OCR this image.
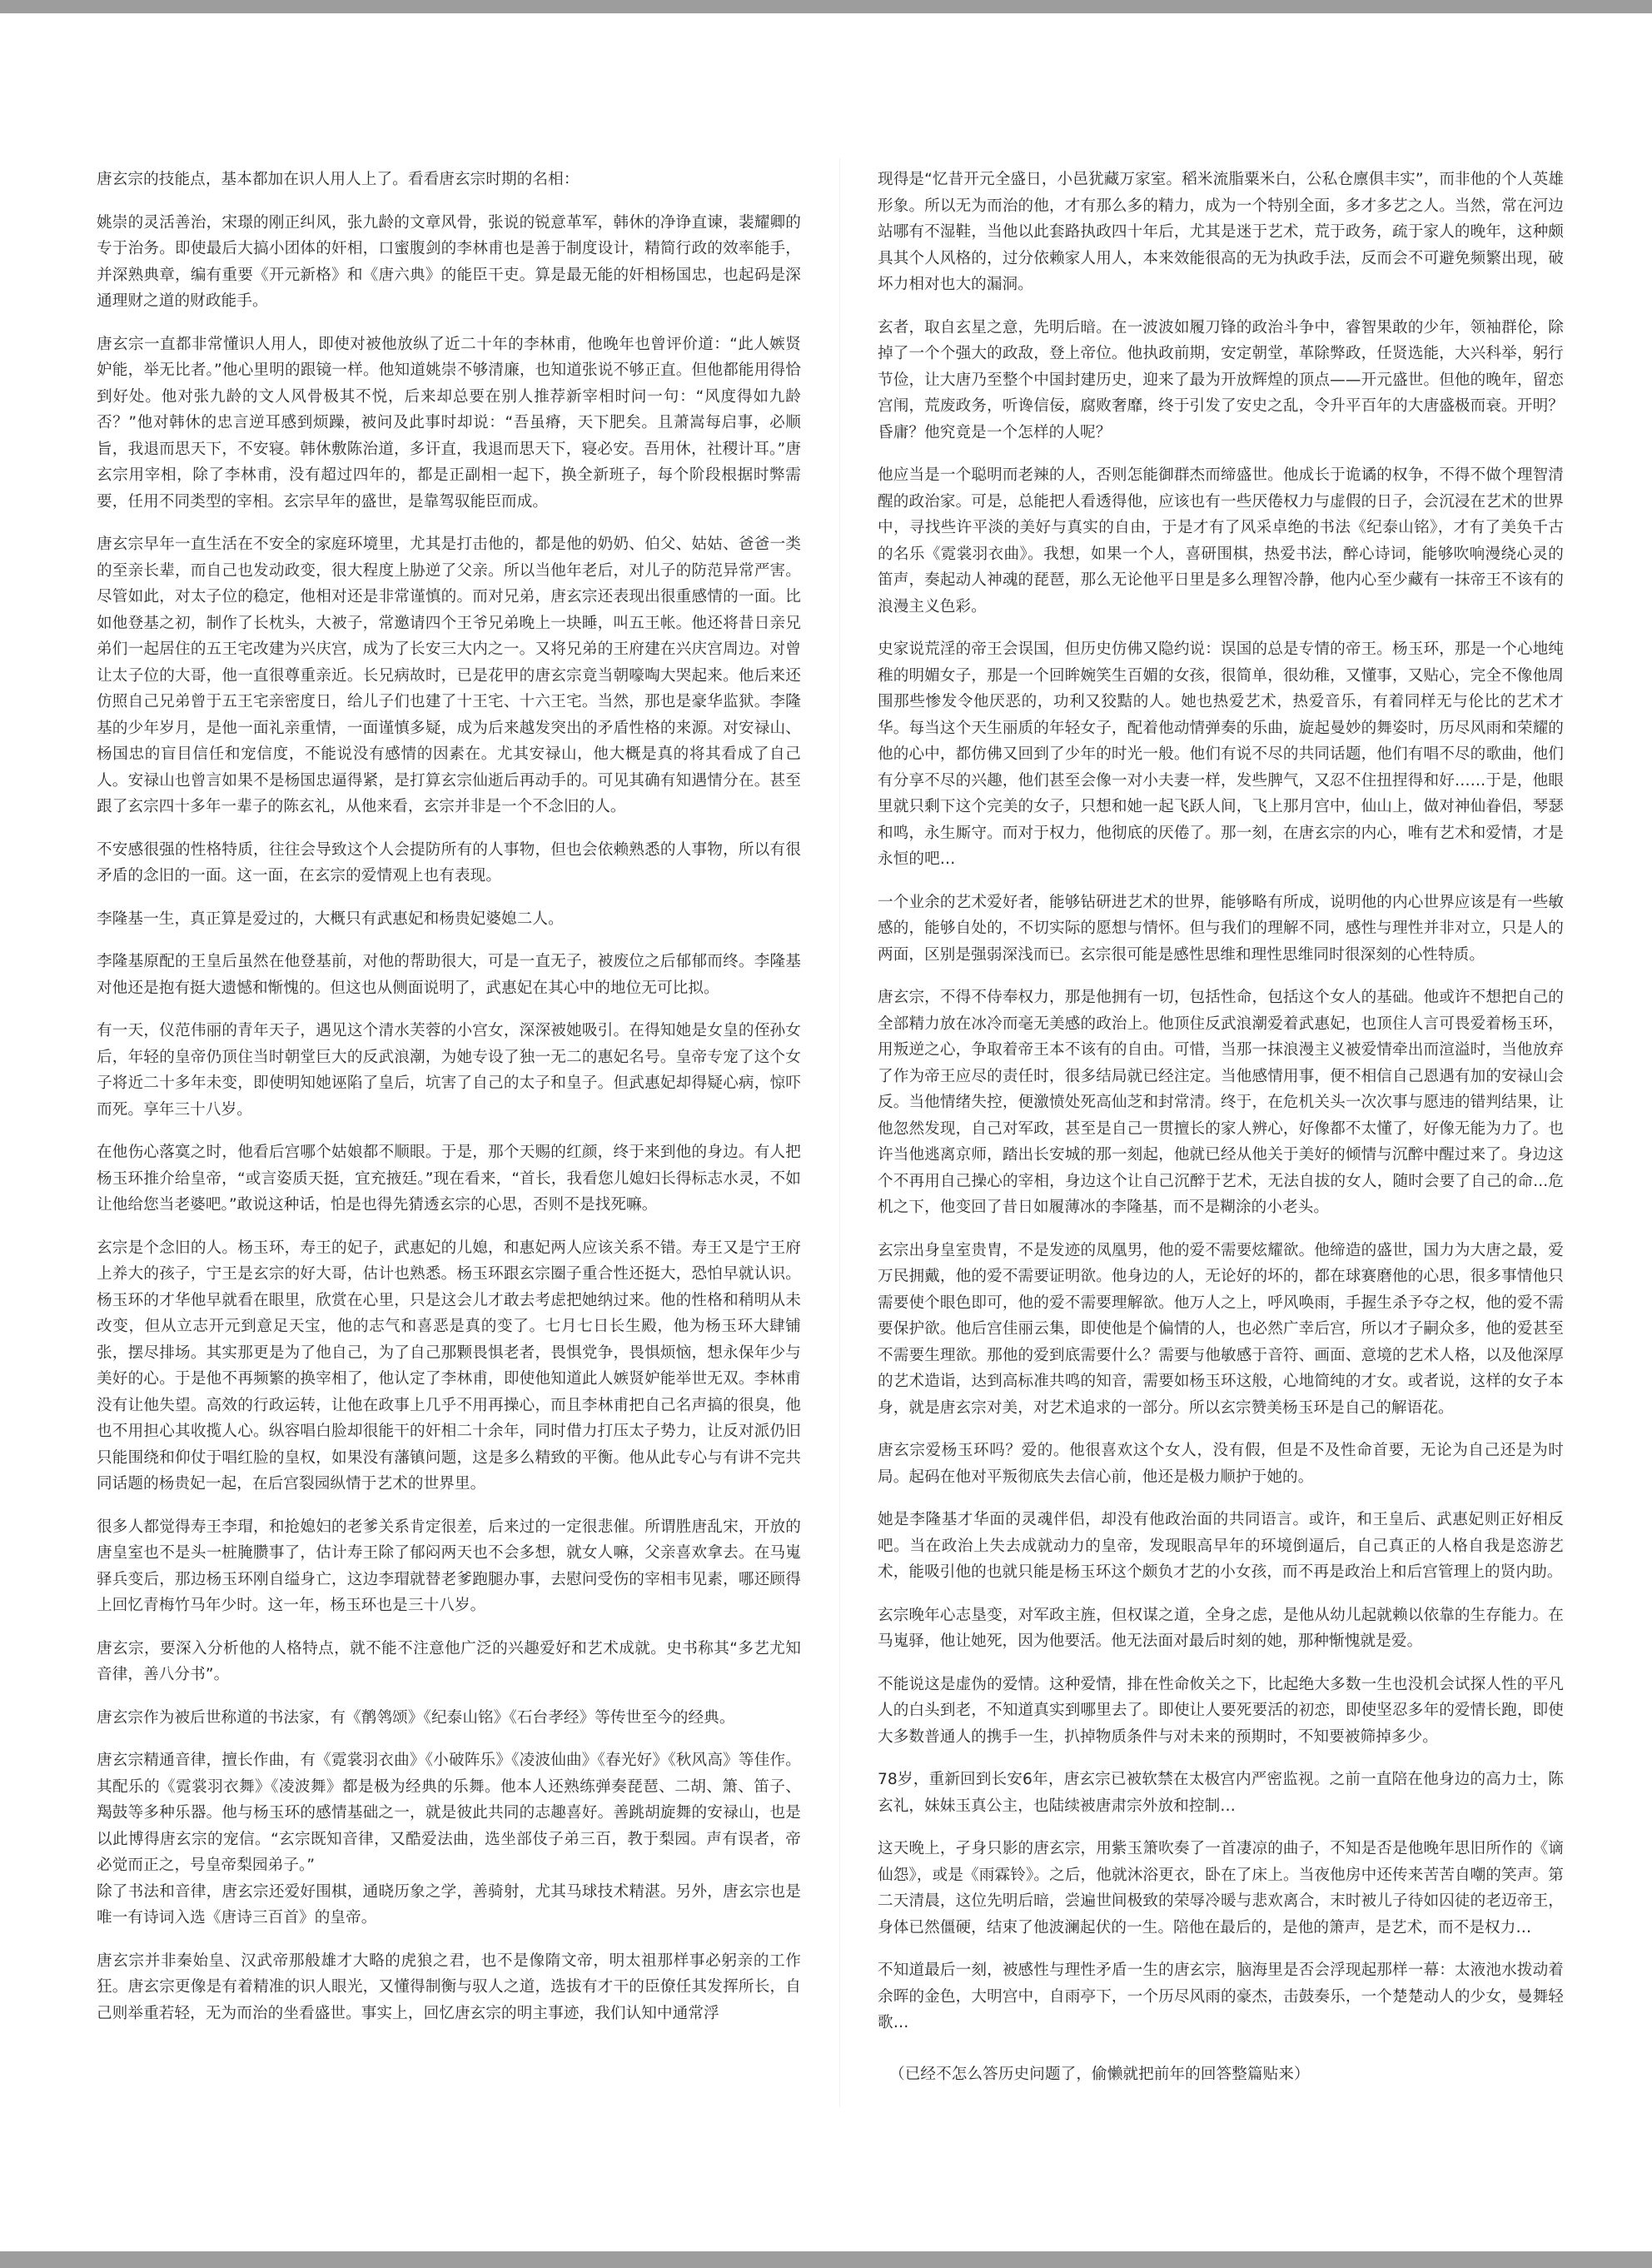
唐玄宗的技能点，基本都加在识人用人上了。看看唐玄宗时期的名相：

姚崇的灵活善治，宋璟的刚正纠风，张九龄的文章风骨，张说的锐意革军，韩休的净诤直谏，裴耀卿的专于治务。即使最后大搞小团体的奸相，口蜜腹剑的李林甫也是善于制度设计，精简行政的效率能手，并深熟典章，编有重要《开元新格》和《唐六典》的能臣干吏。算是最无能的奸相杨国忠，也起码是深通理财之道的财政能手。

唐玄宗一直都非常懂识人用人，即使对被他放纵了近二十年的李林甫，他晚年也曾评价道：“此人嫉贤妒能，举无比者。”他心里明的跟镜一样。他知道姚崇不够清廉，也知道张说不够正直。但他都能用得恰到好处。他对张九龄的文人风骨极其不悦，后来却总要在别人推荐新宰相时问一句：“风度得如九龄否？”他对韩休的忠言逆耳感到烦躁，被问及此事时却说：“吾虽瘠，天下肥矣。且萧嵩每启事，必顺旨，我退而思天下，不安寝。韩休敷陈治道，多讦直，我退而思天下，寝必安。吾用休，社稷计耳。”唐玄宗用宰相，除了李林甫，没有超过四年的，都是正副相一起下，换全新班子，每个阶段根据时弊需要，任用不同类型的宰相。玄宗早年的盛世，是靠驾驭能臣而成。

唐玄宗早年一直生活在不安全的家庭环境里，尤其是打击他的，都是他的奶奶、伯父、姑姑、爸爸一类的至亲长辈，而自己也发动政变，很大程度上胁逆了父亲。所以当他年老后，对儿子的防范异常严害。尽管如此，对太子位的稳定，他相对还是非常谨慎的。而对兄弟，唐玄宗还表现出很重感情的一面。比如他登基之初，制作了长枕头，大被子，常邀请四个王爷兄弟晚上一块睡，叫五王帐。他还将昔日亲兄弟们一起居住的五王宅改建为兴庆宫，成为了长安三大内之一。又将兄弟的王府建在兴庆宫周边。对曾让太子位的大哥，他一直很尊重亲近。长兄病故时，已是花甲的唐玄宗竟当朝嚎啕大哭起来。他后来还仿照自己兄弟曾于五王宅亲密度日，给儿子们也建了十王宅、十六王宅。当然，那也是豪华监狱。李隆基的少年岁月，是他一面礼亲重情，一面谨慎多疑，成为后来越发突出的矛盾性格的来源。对安禄山、杨国忠的盲目信任和宠信度，不能说没有感情的因素在。尤其安禄山，他大概是真的将其看成了自己人。安禄山也曾言如果不是杨国忠逼得紧，是打算玄宗仙逝后再动手的。可见其确有知遇情分在。甚至跟了玄宗四十多年一辈子的陈玄礼，从他来看，玄宗并非是一个不念旧的人。

不安感很强的性格特质，往往会导致这个人会提防所有的人事物，但也会依赖熟悉的人事物，所以有很矛盾的念旧的一面。这一面，在玄宗的爱情观上也有表现。

李隆基一生，真正算是爱过的，大概只有武惠妃和杨贵妃婆媳二人。

李隆基原配的王皇后虽然在他登基前，对他的帮助很大，可是一直无子，被废位之后郁郁而终。李隆基对他还是抱有挺大遗憾和惭愧的。但这也从侧面说明了，武惠妃在其心中的地位无可比拟。

有一天，仪范伟丽的青年天子，遇见这个清水芙蓉的小宫女，深深被她吸引。在得知她是女皇的侄孙女后，年轻的皇帝仍顶住当时朝堂巨大的反武浪潮，为她专设了独一无二的惠妃名号。皇帝专宠了这个女子将近二十多年未变，即使明知她诬陷了皇后，坑害了自己的太子和皇子。但武惠妃却得疑心病，惊吓而死。享年三十八岁。

在他伤心落寞之时，他看后宫哪个姑娘都不顺眼。于是，那个天赐的红颜，终于来到他的身边。有人把杨玉环推介给皇帝，“或言姿质天挺，宜充掖廷。”现在看来，“首长，我看您儿媳妇长得标志水灵，不如让他给您当老婆吧。”敢说这种话，怕是也得先猜透玄宗的心思，否则不是找死嘛。

玄宗是个念旧的人。杨玉环，寿王的妃子，武惠妃的儿媳，和惠妃两人应该关系不错。寿王又是宁王府上养大的孩子，宁王是玄宗的好大哥，估计也熟悉。杨玉环跟玄宗圈子重合性还挺大，恐怕早就认识。杨玉环的才华他早就看在眼里，欣赏在心里，只是这会儿才敢去考虑把她纳过来。他的性格和稍明从未改变，但从立志开元到意足天宝，他的志气和喜恶是真的变了。七月七日长生殿，他为杨玉环大肆铺张，摆尽排场。其实那更是为了他自己，为了自己那颗畏惧老者，畏惧党争，畏惧烦恼，想永保年少与美好的心。于是他不再频繁的换宰相了，他认定了李林甫，即使他知道此人嫉贤妒能举世无双。李林甫没有让他失望。高效的行政运转，让他在政事上几乎不用再操心，而且李林甫把自己名声搞的很臭，他也不用担心其收揽人心。纵容唱白脸却很能干的奸相二十余年，同时借力打压太子势力，让反对派仍旧只能围绕和仰仗于唱红脸的皇权，如果没有藩镇问题，这是多么精致的平衡。他从此专心与有讲不完共同话题的杨贵妃一起，在后宫裂园纵情于艺术的世界里。

很多人都觉得寿王李瑁，和抢媳妇的老爹关系肯定很差，后来过的一定很悲催。所谓胜唐乱宋，开放的唐皇室也不是头一桩腌臜事了，估计寿王除了郁闷两天也不会多想，就女人嘛，父亲喜欢拿去。在马嵬驿兵变后，那边杨玉环刚自缢身亡，这边李瑁就替老爹跑腿办事，去慰问受伤的宰相韦见素，哪还顾得上回忆青梅竹马年少时。这一年，杨玉环也是三十八岁。

唐玄宗，要深入分析他的人格特点，就不能不注意他广泛的兴趣爱好和艺术成就。史书称其“多艺尤知音律，善八分书”。

唐玄宗作为被后世称道的书法家，有《鹡鸰颂》《纪泰山铭》《石台孝经》等传世至今的经典。

唐玄宗精通音律，擅长作曲，有《霓裳羽衣曲》《小破阵乐》《凌波仙曲》《春光好》《秋风高》等佳作。其配乐的《霓裳羽衣舞》《凌波舞》都是极为经典的乐舞。他本人还熟练弹奏琵琶、二胡、箫、笛子、羯鼓等多种乐器。他与杨玉环的感情基础之一，就是彼此共同的志趣喜好。善跳胡旋舞的安禄山，也是以此博得唐玄宗的宠信。“玄宗既知音律，又酷爱法曲，选坐部伎子弟三百，教于梨园。声有误者，帝必觉而正之，号皇帝梨园弟子。”
除了书法和音律，唐玄宗还爱好围棋，通晓历象之学，善骑射，尤其马球技术精湛。另外，唐玄宗也是唯一有诗词入选《唐诗三百首》的皇帝。

唐玄宗并非秦始皇、汉武帝那般雄才大略的虎狼之君，也不是像隋文帝，明太祖那样事必躬亲的工作狂。唐玄宗更像是有着精准的识人眼光，又懂得制衡与驭人之道，选拔有才干的臣僚任其发挥所长，自己则举重若轻，无为而治的坐看盛世。事实上，回忆唐玄宗的明主事迹，我们认知中通常浮

现得是“忆昔开元全盛日，小邑犹藏万家室。稻米流脂粟米白，公私仓廪俱丰实”，而非他的个人英雄形象。所以无为而治的他，才有那么多的精力，成为一个特别全面，多才多艺之人。当然，常在河边站哪有不湿鞋，当他以此套路执政四十年后，尤其是迷于艺术，荒于政务，疏于家人的晚年，这种颇具其个人风格的，过分依赖家人用人，本来效能很高的无为执政手法，反而会不可避免频繁出现，破坏力相对也大的漏洞。

玄者，取自玄星之意，先明后暗。在一波波如履刀锋的政治斗争中，睿智果敢的少年，领袖群伦，除掉了一个个强大的政敌，登上帝位。他执政前期，安定朝堂，革除弊政，任贤选能，大兴科举，躬行节俭，让大唐乃至整个中国封建历史，迎来了最为开放辉煌的顶点——开元盛世。但他的晚年，留恋宫闱，荒废政务，听谗信佞，腐败奢靡，终于引发了安史之乱，令升平百年的大唐盛极而衰。开明？昏庸？他究竟是一个怎样的人呢？

他应当是一个聪明而老辣的人，否则怎能御群杰而缔盛世。他成长于诡谲的权争，不得不做个理智清醒的政治家。可是，总能把人看透得他，应该也有一些厌倦权力与虚假的日子，会沉浸在艺术的世界中，寻找些许平淡的美好与真实的自由，于是才有了风采卓绝的书法《纪泰山铭》，才有了美奂千古的名乐《霓裳羽衣曲》。我想，如果一个人，喜研围棋，热爱书法，醉心诗词，能够吹响漫绕心灵的笛声，奏起动人神魂的琵琶，那么无论他平日里是多么理智冷静，他内心至少藏有一抹帝王不该有的浪漫主义色彩。

史家说荒淫的帝王会误国，但历史仿佛又隐约说：误国的总是专情的帝王。杨玉环，那是一个心地纯稚的明媚女子，那是一个回眸婉笑生百媚的女孩，很简单，很幼稚，又懂事，又贴心，完全不像他周围那些惨发令他厌恶的，功利又狡黠的人。她也热爱艺术，热爱音乐，有着同样无与伦比的艺术才华。每当这个天生丽质的年轻女子，配着他动情弹奏的乐曲，旋起曼妙的舞姿时，历尽风雨和荣耀的他的心中，都仿佛又回到了少年的时光一般。他们有说不尽的共同话题，他们有唱不尽的歌曲，他们有分享不尽的兴趣，他们甚至会像一对小夫妻一样，发些脾气，又忍不住扭捏得和好……于是，他眼里就只剩下这个完美的女子，只想和她一起飞跃人间，飞上那月宫中，仙山上，做对神仙眷侣，琴瑟和鸣，永生厮守。而对于权力，他彻底的厌倦了。那一刻，在唐玄宗的内心，唯有艺术和爱情，才是永恒的吧…

一个业余的艺术爱好者，能够钻研进艺术的世界，能够略有所成，说明他的内心世界应该是有一些敏感的，能够自处的，不切实际的愿想与情怀。但与我们的理解不同，感性与理性并非对立，只是人的两面，区别是强弱深浅而已。玄宗很可能是感性思维和理性思维同时很深刻的心性特质。

唐玄宗，不得不侍奉权力，那是他拥有一切，包括性命，包括这个女人的基础。他或许不想把自己的全部精力放在冰冷而毫无美感的政治上。他顶住反武浪潮爱着武惠妃，也顶住人言可畏爱着杨玉环，用叛逆之心，争取着帝王本不该有的自由。可惜，当那一抹浪漫主义被爱情牵出而渲溢时，当他放弃了作为帝王应尽的责任时，很多结局就已经注定。当他感情用事，便不相信自己恩遇有加的安禄山会反。当他情绪失控，便激愤处死高仙芝和封常清。终于，在危机关头一次次事与愿违的错判结果，让他忽然发现，自己对军政，甚至是自己一贯擅长的家人辨心，好像都不太懂了，好像无能为力了。也许当他逃离京师，踏出长安城的那一刻起，他就已经从他关于美好的倾情与沉醉中醒过来了。身边这个不再用自己操心的宰相，身边这个让自己沉醉于艺术，无法自拔的女人，随时会要了自己的命...危机之下，他变回了昔日如履薄冰的李隆基，而不是糊涂的小老头。

玄宗出身皇室贵胄，不是发迹的凤凰男，他的爱不需要炫耀欲。他缔造的盛世，国力为大唐之最，爱万民拥戴，他的爱不需要证明欲。他身边的人，无论好的坏的，都在球赛磨他的心思，很多事情他只需要使个眼色即可，他的爱不需要理解欲。他万人之上，呼风唤雨，手握生杀予夺之权，他的爱不需要保护欲。他后宫佳丽云集，即使他是个偏情的人，也必然广幸后宫，所以才子嗣众多，他的爱甚至不需要生理欲。那他的爱到底需要什么？需要与他敏感于音符、画面、意境的艺术人格，以及他深厚的艺术造诣，达到高标准共鸣的知音，需要如杨玉环这般，心地简纯的才女。或者说，这样的女子本身，就是唐玄宗对美，对艺术追求的一部分。所以玄宗赞美杨玉环是自己的解语花。

唐玄宗爱杨玉环吗？爱的。他很喜欢这个女人，没有假，但是不及性命首要，无论为自己还是为时局。起码在他对平叛彻底失去信心前，他还是极力顺护于她的。

她是李隆基才华面的灵魂伴侣，却没有他政治面的共同语言。或许，和王皇后、武惠妃则正好相反吧。当在政治上失去成就动力的皇帝，发现眼高早年的环境倒逼后，自己真正的人格自我是恣游艺术，能吸引他的也就只能是杨玉环这个颇负才艺的小女孩，而不再是政治上和后宫管理上的贤内助。

玄宗晚年心志垦变，对军政主旌，但权谋之道，全身之虑，是他从幼儿起就赖以依靠的生存能力。在马嵬驿，他让她死，因为他要活。他无法面对最后时刻的她，那种惭愧就是爱。

不能说这是虚伪的爱情。这种爱情，排在性命攸关之下，比起绝大多数一生也没机会试探人性的平凡人的白头到老，不知道真实到哪里去了。即使让人要死要活的初恋，即使坚忍多年的爱情长跑，即使大多数普通人的携手一生，扒掉物质条件与对未来的预期时，不知要被筛掉多少。

78岁，重新回到长安6年，唐玄宗已被软禁在太极宫内严密监视。之前一直陪在他身边的高力士，陈玄礼，妹妹玉真公主，也陆续被唐肃宗外放和控制…

这天晚上，孑身只影的唐玄宗，用紫玉箫吹奏了一首凄凉的曲子，不知是否是他晚年思旧所作的《谪仙怨》，或是《雨霖铃》。之后，他就沐浴更衣，卧在了床上。当夜他房中还传来苦苦自嘲的笑声。第二天清晨，这位先明后暗，尝遍世间极致的荣辱冷暖与悲欢离合，末时被儿子待如囚徒的老迈帝王，身体已然僵硬，结束了他波澜起伏的一生。陪他在最后的，是他的箫声，是艺术，而不是权力…

不知道最后一刻，被感性与理性矛盾一生的唐玄宗，脑海里是否会浮现起那样一幕：太液池水拨动着余晖的金色，大明宫中，自雨亭下，一个历尽风雨的豪杰，击鼓奏乐，一个楚楚动人的少女，曼舞轻歌…

（已经不怎么答历史问题了，偷懒就把前年的回答整篇贴来）
